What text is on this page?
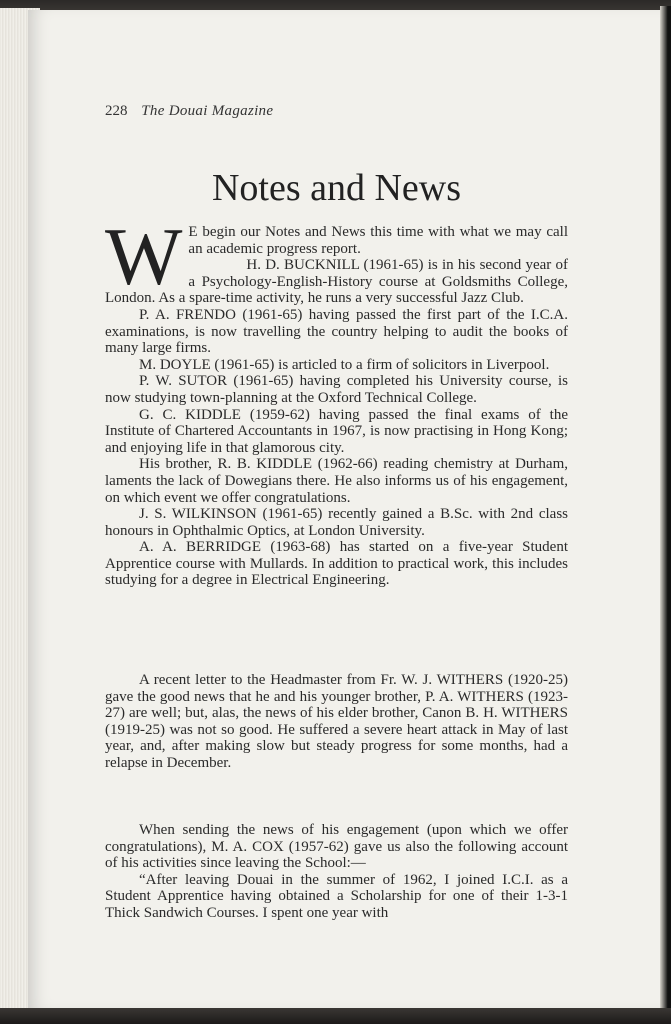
228 The Douai Magazine
Notes and News
W E begin our Notes and News this time with what we may call an academic progress report.

H. D. BUCKNILL (1961-65) is in his second year of a Psychology-English-History course at Goldsmiths College, London. As a spare-time activity, he runs a very successful Jazz Club.

P. A. FRENDO (1961-65) having passed the first part of the I.C.A. examinations, is now travelling the country helping to audit the books of many large firms.

M. DOYLE (1961-65) is articled to a firm of solicitors in Liverpool.

P. W. SUTOR (1961-65) having completed his University course, is now studying town-planning at the Oxford Technical College.

G. C. KIDDLE (1959-62) having passed the final exams of the Institute of Chartered Accountants in 1967, is now practising in Hong Kong; and enjoying life in that glamorous city.

His brother, R. B. KIDDLE (1962-66) reading chemistry at Durham, laments the lack of Dowegians there. He also informs us of his engagement, on which event we offer congratulations.

J. S. WILKINSON (1961-65) recently gained a B.Sc. with 2nd class honours in Ophthalmic Optics, at London University.

A. A. BERRIDGE (1963-68) has started on a five-year Student Apprentice course with Mullards. In addition to practical work, this includes studying for a degree in Electrical Engineering.

A recent letter to the Headmaster from Fr. W. J. WITHERS (1920-25) gave the good news that he and his younger brother, P. A. WITHERS (1923-27) are well; but, alas, the news of his elder brother, Canon B. H. WITHERS (1919-25) was not so good. He suffered a severe heart attack in May of last year, and, after making slow but steady progress for some months, had a relapse in December.

When sending the news of his engagement (upon which we offer congratulations), M. A. COX (1957-62) gave us also the following account of his activities since leaving the School:—

“After leaving Douai in the summer of 1962, I joined I.C.I. as a Student Apprentice having obtained a Scholarship for one of their 1-3-1 Thick Sandwich Courses. I spent one year with
